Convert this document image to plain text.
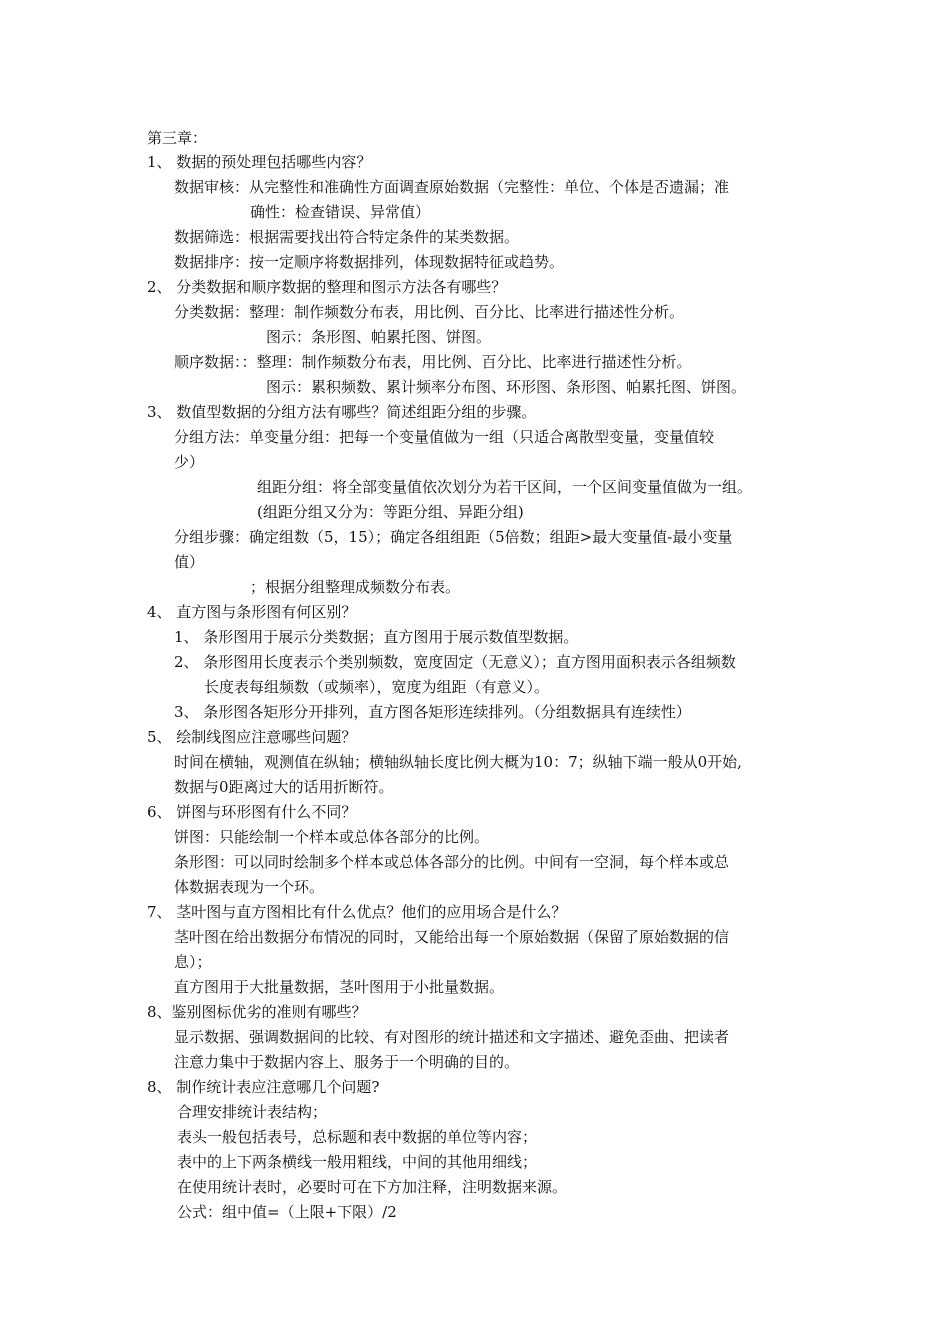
第三章：
1、 数据的预处理包括哪些内容？
数据审核：从完整性和准确性方面调查原始数据（完整性：单位、个体是否遗漏；准
确性：检查错误、异常值）
数据筛选：根据需要找出符合特定条件的某类数据。
数据排序：按一定顺序将数据排列，体现数据特征或趋势。
2、 分类数据和顺序数据的整理和图示方法各有哪些？
分类数据：整理：制作频数分布表，用比例、百分比、比率进行描述性分析。
图示：条形图、帕累托图、饼图。
顺序数据：：整理：制作频数分布表，用比例、百分比、比率进行描述性分析。
图示：累积频数、累计频率分布图、环形图、条形图、帕累托图、饼图。
3、 数值型数据的分组方法有哪些？简述组距分组的步骤。
分组方法：单变量分组：把每一个变量值做为一组（只适合离散型变量，变量值较
少）
组距分组：将全部变量值依次划分为若干区间，一个区间变量值做为一组。
(组距分组又分为：等距分组、异距分组)
分组步骤：确定组数（5，15）；确定各组组距（5倍数；组距>最大变量值-最小变量
值）
；根据分组整理成频数分布表。
4、 直方图与条形图有何区别？
1、 条形图用于展示分类数据；直方图用于展示数值型数据。
2、 条形图用长度表示个类别频数，宽度固定（无意义）；直方图用面积表示各组频数
长度表每组频数（或频率），宽度为组距（有意义）。
3、 条形图各矩形分开排列，直方图各矩形连续排列。（分组数据具有连续性）
5、 绘制线图应注意哪些问题？
时间在横轴，观测值在纵轴；横轴纵轴长度比例大概为10：7；纵轴下端一般从0开始,
数据与0距离过大的话用折断符。
6、 饼图与环形图有什么不同？
饼图：只能绘制一个样本或总体各部分的比例。
条形图：可以同时绘制多个样本或总体各部分的比例。中间有一空洞，每个样本或总
体数据表现为一个环。
7、 茎叶图与直方图相比有什么优点？他们的应用场合是什么？
茎叶图在给出数据分布情况的同时，又能给出每一个原始数据（保留了原始数据的信
息）；
直方图用于大批量数据，茎叶图用于小批量数据。
8、鉴别图标优劣的准则有哪些？
显示数据、强调数据间的比较、有对图形的统计描述和文字描述、避免歪曲、把读者
注意力集中于数据内容上、服务于一个明确的目的。
8、 制作统计表应注意哪几个问题?
合理安排统计表结构；
表头一般包括表号，总标题和表中数据的单位等内容；
表中的上下两条横线一般用粗线，中间的其他用细线；
在使用统计表时，必要时可在下方加注释，注明数据来源。
公式：组中值=（上限+下限）/2
